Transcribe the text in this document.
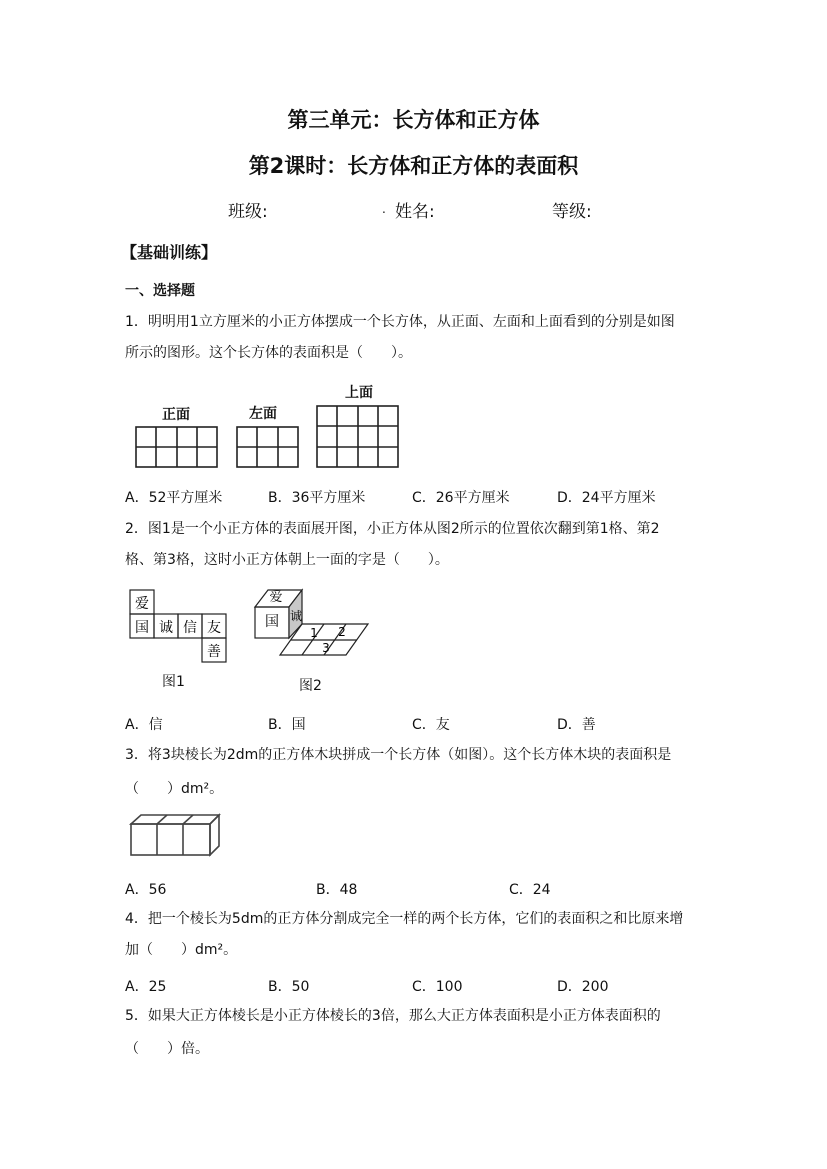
第三单元：长方体和正方体
第2课时：长方体和正方体的表面积
班级:	. 姓名:	等级:
【基础训练】
一、选择题
1．明明用1立方厘米的小正方体摆成一个长方体，从正面、左面和上面看到的分别是如图
所示的图形。这个长方体的表面积是（　　）。
正面	左面
上面
A．52平方厘米	B．36平方厘米	C．26平方厘米	D．24平方厘米
2．图1是一个小正方体的表面展开图，小正方体从图2所示的位置依次翻到第1格、第2
格、第3格，这时小正方体朝上一面的字是（　　）。
爱
国 诚 信 友
善
爱
国 诚
1 2
3
图1	图2
A．信	B．国	C．友	D．善
3．将3块棱长为2dm的正方体木块拼成一个长方体（如图）。这个长方体木块的表面积是
（　　）dm²。
A．56	B．48	C．24
4．把一个棱长为5dm的正方体分割成完全一样的两个长方体，它们的表面积之和比原来增
加（　　）dm²。
A．25	B．50	C．100	D．200
5．如果大正方体棱长是小正方体棱长的3倍，那么大正方体表面积是小正方体表面积的
（　　）倍。
